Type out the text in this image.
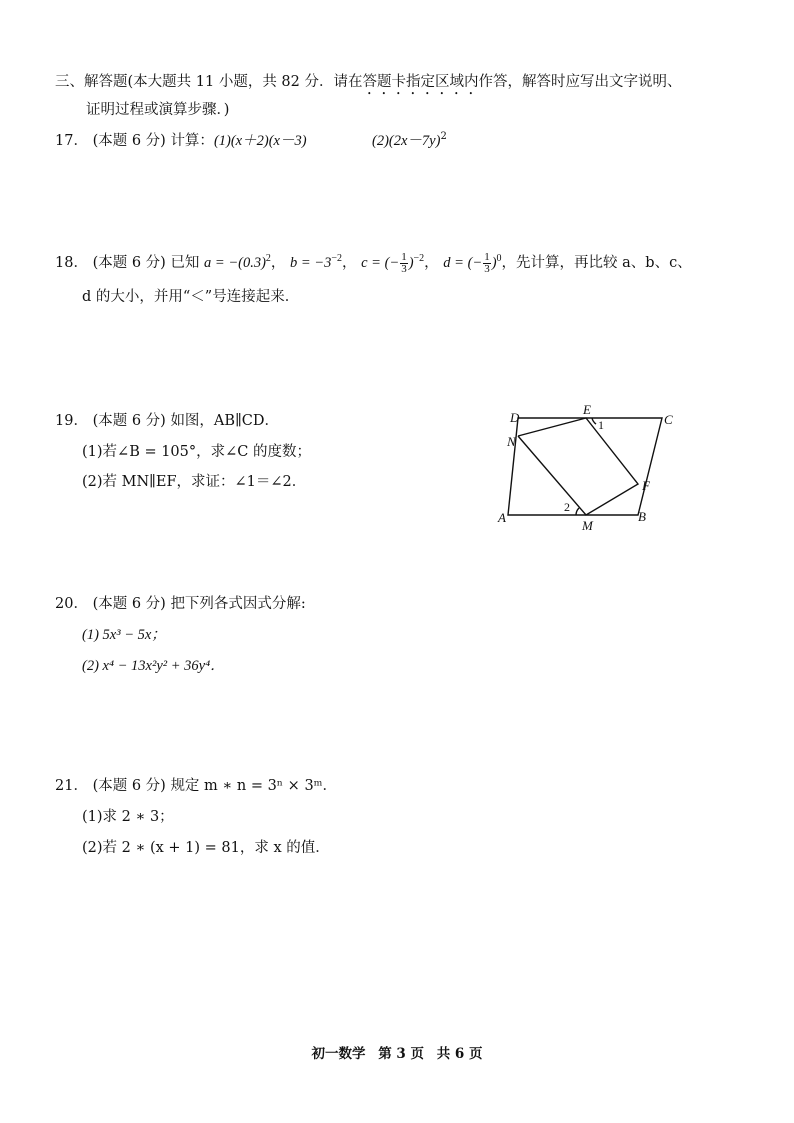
三、解答题(本大题共 11 小题，共 82 分．请在答题卡指定区域内作答，解答时应写出文字说明、
证明过程或演算步骤．)
17． (本题 6 分) 计算：(1)(x＋2)(x－3)	$(2)(2x-7y)^2$
18． (本题 6 分) 已知 $a = -(0.3)^2$， $b = -3^{-2}$， c = (− $\frac{1}{3} )^{-2}$， d = (− $\frac{1}{3} )^0$，先计算，再比较 a、b、c、
d 的大小，并用“＜”号连接起来．
19． (本题 6 分) 如图，AB∥CD．
(1)若∠B = 105°，求∠C 的度数；
(2)若 MN∥EF，求证：∠1＝∠2．
D
E
C
N
F
A
M
B
1
2
20． (本题 6 分) 把下列各式因式分解:
(1) 5x³ − 5x；
(2) x⁴ − 13x²y² + 36y⁴．
21． (本题 6 分) 规定 m ∗ n = 3ⁿ × 3ᵐ．
(1)求 2 ∗ 3；
(2)若 2 ∗ (x + 1) = 81，求 x 的值．
初一数学 第 3 页 共 6 页
